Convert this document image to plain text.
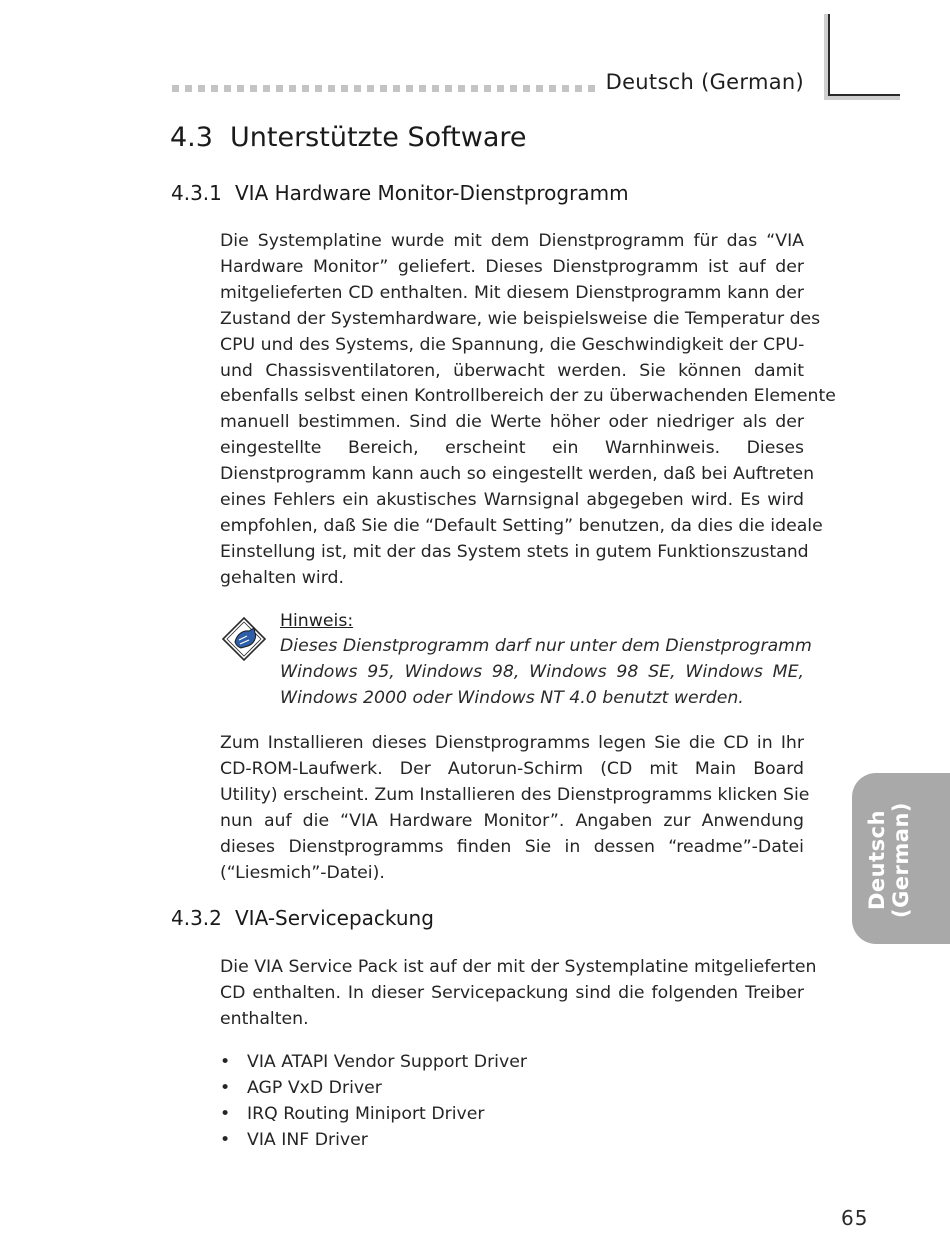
Deutsch (German)
4.3 Unterstützte Software
4.3.1 VIA Hardware Monitor-Dienstprogramm
Die Systemplatine wurde mit dem Dienstprogramm für das “VIA
Hardware Monitor” geliefert. Dieses Dienstprogramm ist auf der
mitgelieferten CD enthalten. Mit diesem Dienstprogramm kann der
Zustand der Systemhardware, wie beispielsweise die Temperatur des
CPU und des Systems, die Spannung, die Geschwindigkeit der CPU-
und Chassisventilatoren, überwacht werden. Sie können damit
ebenfalls selbst einen Kontrollbereich der zu überwachenden Elemente
manuell bestimmen. Sind die Werte höher oder niedriger als der
eingestellte Bereich, erscheint ein Warnhinweis. Dieses
Dienstprogramm kann auch so eingestellt werden, daß bei Auftreten
eines Fehlers ein akustisches Warnsignal abgegeben wird. Es wird
empfohlen, daß Sie die “Default Setting” benutzen, da dies die ideale
Einstellung ist, mit der das System stets in gutem Funktionszustand
gehalten wird.
Hinweis:
Dieses Dienstprogramm darf nur unter dem Dienstprogramm
Windows 95, Windows 98, Windows 98 SE, Windows ME,
Windows 2000 oder Windows NT 4.0 benutzt werden.
Zum Installieren dieses Dienstprogramms legen Sie die CD in Ihr
CD-ROM-Laufwerk. Der Autorun-Schirm (CD mit Main Board
Utility) erscheint. Zum Installieren des Dienstprogramms klicken Sie
nun auf die “VIA Hardware Monitor”. Angaben zur Anwendung
dieses Dienstprogramms finden Sie in dessen “readme”-Datei
(“Liesmich”-Datei).
4.3.2 VIA-Servicepackung
Die VIA Service Pack ist auf der mit der Systemplatine mitgelieferten
CD enthalten. In dieser Servicepackung sind die folgenden Treiber
enthalten.
• VIA ATAPI Vendor Support Driver
• AGP VxD Driver
• IRQ Routing Miniport Driver
• VIA INF Driver
Deutsch (German)
65
